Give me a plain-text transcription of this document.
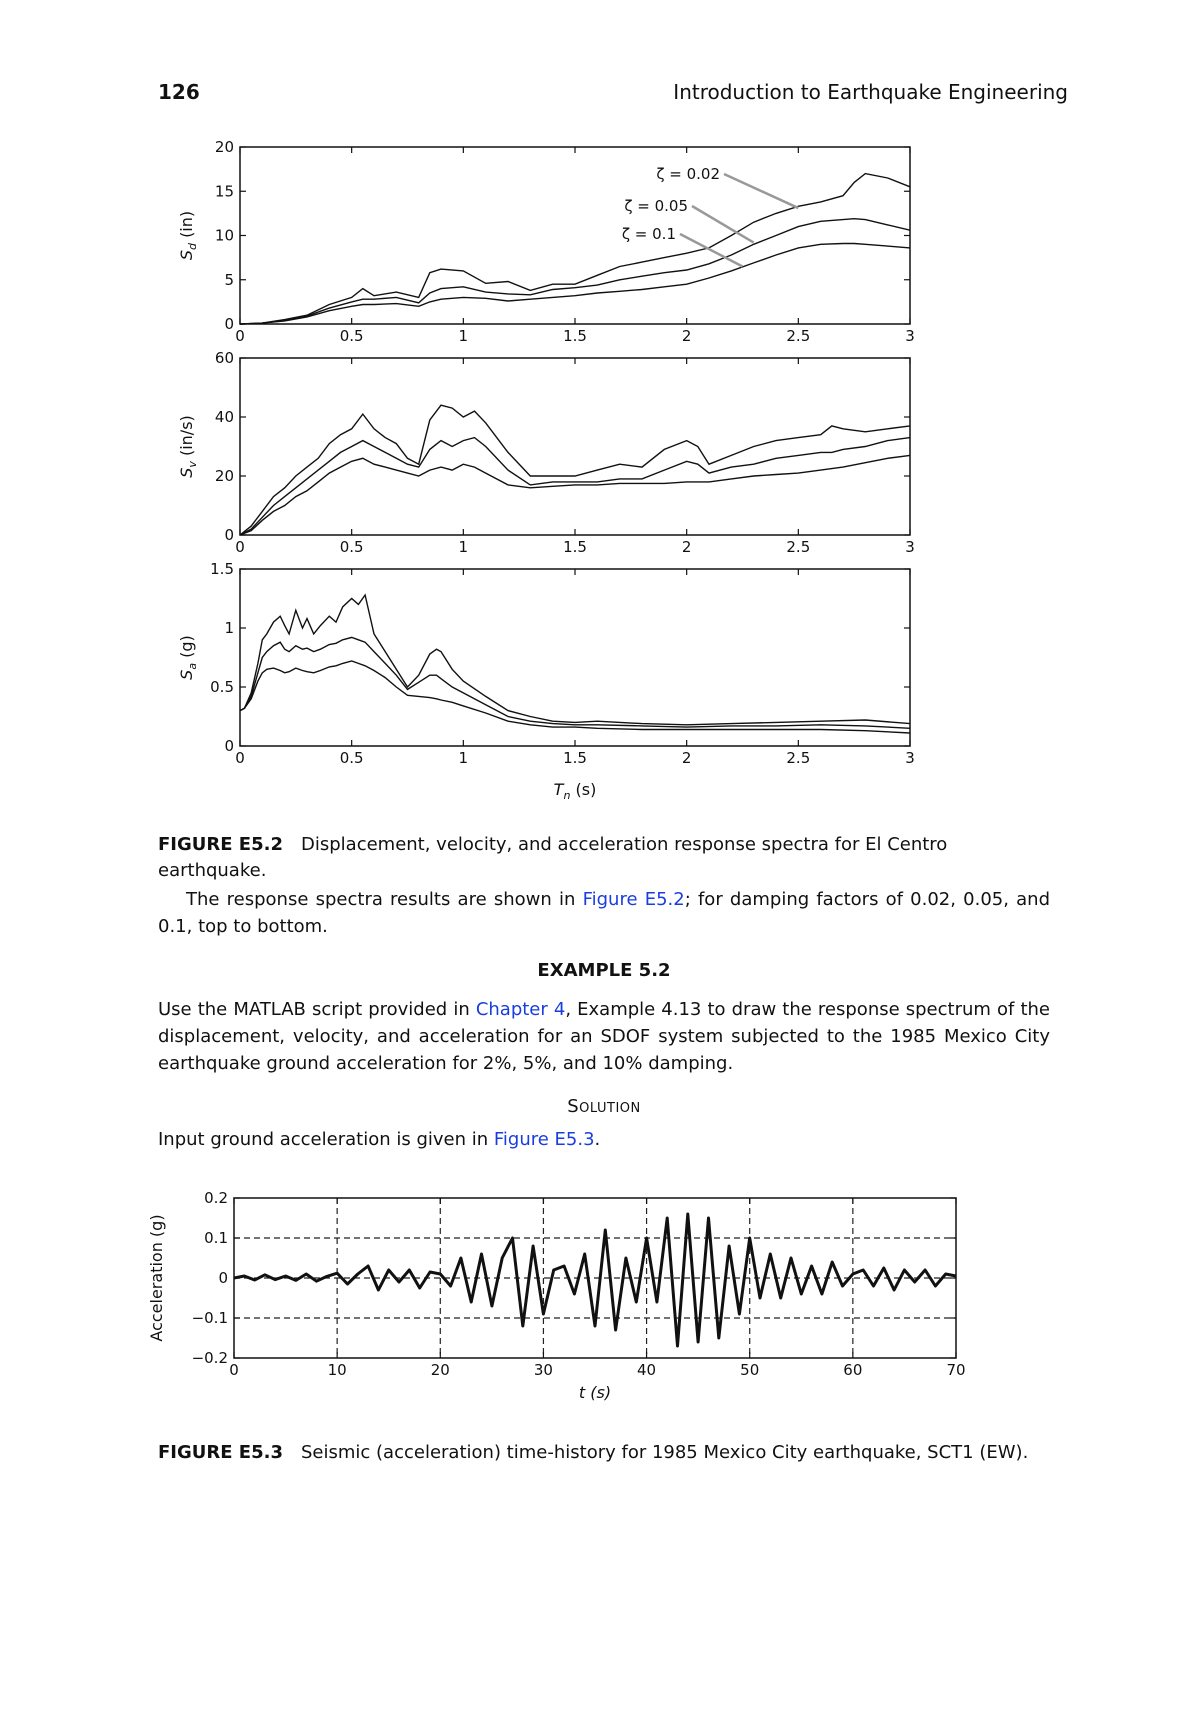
126	Introduction to Earthquake Engineering
0	0.5	1	1.5	2	2.5	3
0
5
10
15
20
$S_d$ (in)
0	0.5	1	1.5	2	2.5	3
0
20
40
60
$S_v$ (in/s)
0	0.5	1	1.5	2	2.5	3
0
0.5
1
1.5
$S_a$ (g)
ζ = 0.02
ζ = 0.05
ζ = 0.1
$T_n$ (s)
FIGURE E5.2 Displacement, velocity, and acceleration response spectra for El Centro earthquake.
The response spectra results are shown in Figure E5.2; for damping factors of 0.02, 0.05, and 0.1, top to bottom.
EXAMPLE 5.2
Use the MATLAB script provided in Chapter 4, Example 4.13 to draw the response spectrum of the displacement, velocity, and acceleration for an SDOF system subjected to the 1985 Mexico City earthquake ground acceleration for 2%, 5%, and 10% damping.
Solution
Input ground acceleration is given in Figure E5.3.
0	10	20	30	40	50	60	70
−0.2
−0.1
0
0.1
0.2
Acceleration (g)
t (s)
FIGURE E5.3 Seismic (acceleration) time-history for 1985 Mexico City earthquake, SCT1 (EW).
